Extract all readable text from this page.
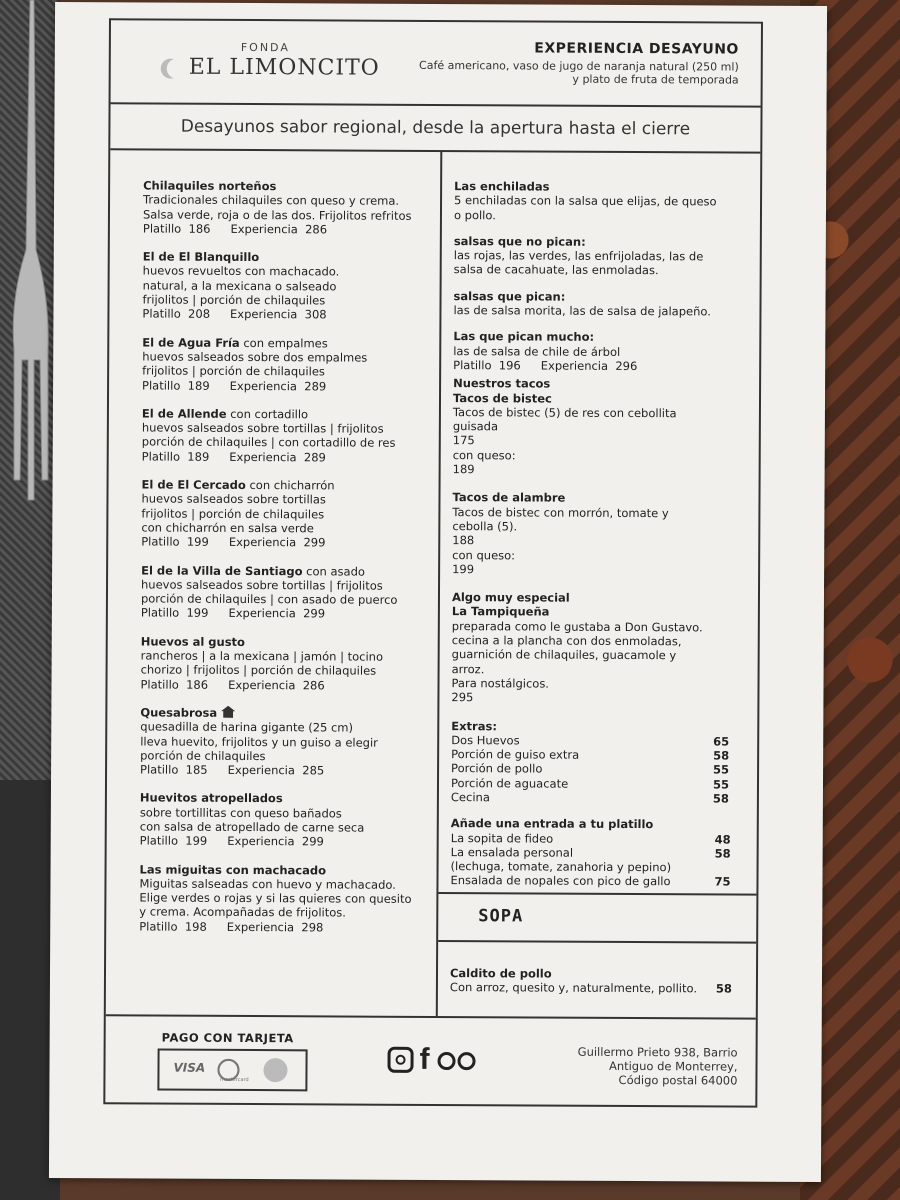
FONDA
EL LIMONCITO
EXPERIENCIA DESAYUNO
Café americano, vaso de jugo de naranja natural (250 ml) y plato de fruta de temporada
Desayunos sabor regional, desde la apertura hasta el cierre
Chilaquiles norteños
Tradicionales chilaquiles con queso y crema.
Salsa verde, roja o de las dos. Frijolitos refritos
Platillo 186 Experiencia 286
El de El Blanquillo
huevos revueltos con machacado.
natural, a la mexicana o salseado
frijolitos | porción de chilaquiles
Platillo 208 Experiencia 308
El de Agua Fría con empalmes
huevos salseados sobre dos empalmes
frijolitos | porción de chilaquiles
Platillo 189 Experiencia 289
El de Allende con cortadillo
huevos salseados sobre tortillas | frijolitos
porción de chilaquiles | con cortadillo de res
Platillo 189 Experiencia 289
El de El Cercado con chicharrón
huevos salseados sobre tortillas
frijolitos | porción de chilaquiles
con chicharrón en salsa verde
Platillo 199 Experiencia 299
El de la Villa de Santiago con asado
huevos salseados sobre tortillas | frijolitos
porción de chilaquiles | con asado de puerco
Platillo 199 Experiencia 299
Huevos al gusto
rancheros | a la mexicana | jamón | tocino
chorizo | frijolitos | porción de chilaquiles
Platillo 186 Experiencia 286
Quesabrosa
quesadilla de harina gigante (25 cm)
lleva huevito, frijolitos y un guiso a elegir
porción de chilaquiles
Platillo 185 Experiencia 285
Huevitos atropellados
sobre tortillitas con queso bañados
con salsa de atropellado de carne seca
Platillo 199 Experiencia 299
Las miguitas con machacado
Miguitas salseadas con huevo y machacado.
Elige verdes o rojas y si las quieres con quesito
y crema. Acompañadas de frijolitos.
Platillo 198 Experiencia 298
Las enchiladas
5 enchiladas con la salsa que elijas, de queso
o pollo.
salsas que no pican:
las rojas, las verdes, las enfrijoladas, las de
salsa de cacahuate, las enmoladas.
salsas que pican:
las de salsa morita, las de salsa de jalapeño.
Las que pican mucho:
las de salsa de chile de árbol
Platillo 196 Experiencia 296
Nuestros tacos
Tacos de bistec
Tacos de bistec (5) de res con cebollita
guisada
175
con queso:
189
Tacos de alambre
Tacos de bistec con morrón, tomate y
cebolla (5).
188
con queso:
199
Algo muy especial
La Tampiqueña
preparada como le gustaba a Don Gustavo.
cecina a la plancha con dos enmoladas,
guarnición de chilaquiles, guacamole y
arroz.
Para nostálgicos.
295
Extras:
Dos Huevos	65
Porción de guiso extra	58
Porción de pollo	55
Porción de aguacate	55
Cecina	58
Añade una entrada a tu platillo
La sopita de fideo	48
La ensalada personal	58
(lechuga, tomate, zanahoria y pepino)
Ensalada de nopales con pico de gallo	75
SOPA
Caldito de pollo
Con arroz, quesito y, naturalmente, pollito. 58
PAGO CON TARJETA
VISA
mastercard
f	Guillermo Prieto 938, Barrio
Antiguo de Monterrey,
Código postal 64000
